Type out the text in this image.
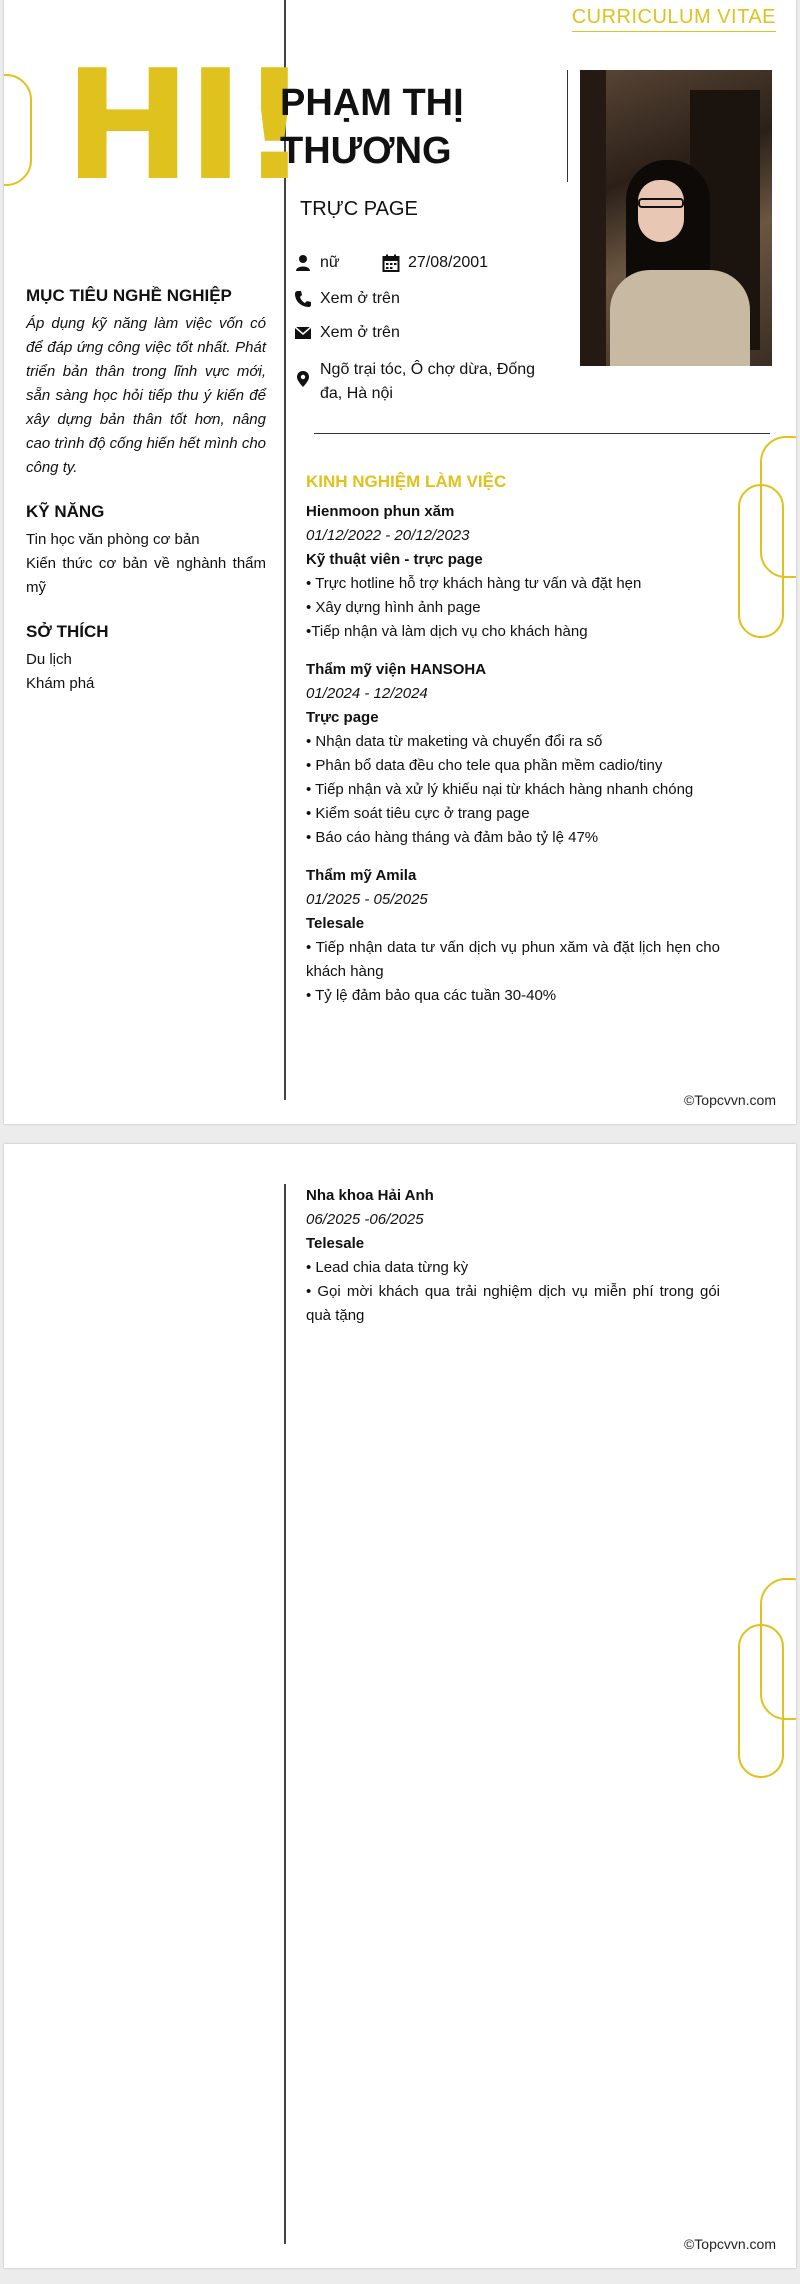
CURRICULUM VITAE
HI!
PHẠM THỊ THƯƠNG
TRỰC PAGE
nữ	27/08/2001
Xem ở trên
Xem ở trên
Ngõ trại tóc, Ô chợ dừa, Đống đa, Hà nội
MỤC TIÊU NGHỀ NGHIỆP
Áp dụng kỹ năng làm việc vốn có để đáp ứng công việc tốt nhất. Phát triển bản thân trong lĩnh vực mới, sẵn sàng học hỏi tiếp thu ý kiến để xây dựng bản thân tốt hơn, nâng cao trình độ cống hiến hết mình cho công ty.
KỸ NĂNG
Tin học văn phòng cơ bản
Kiến thức cơ bản về nghành thẩm mỹ
SỞ THÍCH
Du lịch
Khám phá
KINH NGHIỆM LÀM VIỆC
Hienmoon phun xăm
01/12/2022 - 20/12/2023
Kỹ thuật viên - trực page
• Trực hotline hỗ trợ khách hàng tư vấn và đặt hẹn
• Xây dựng hình ảnh page
•Tiếp nhận và làm dịch vụ cho khách hàng
Thẩm mỹ viện HANSOHA
01/2024 - 12/2024
Trực page
• Nhận data từ maketing và chuyển đổi ra số
• Phân bổ data đều cho tele qua phần mềm cadio/tiny
• Tiếp nhận và xử lý khiếu nại từ khách hàng nhanh chóng
• Kiểm soát tiêu cực ở trang page
• Báo cáo hàng tháng và đảm bảo tỷ lệ 47%
Thẩm mỹ Amila
01/2025 - 05/2025
Telesale
• Tiếp nhận data tư vấn dịch vụ phun xăm và đặt lịch hẹn cho khách hàng
• Tỷ lệ đảm bảo qua các tuần 30-40%
©Topcvvn.com
Nha khoa Hải Anh
06/2025 -06/2025
Telesale
• Lead chia data từng kỳ
• Gọi mời khách qua trải nghiệm dịch vụ miễn phí trong gói quà tặng
©Topcvvn.com
